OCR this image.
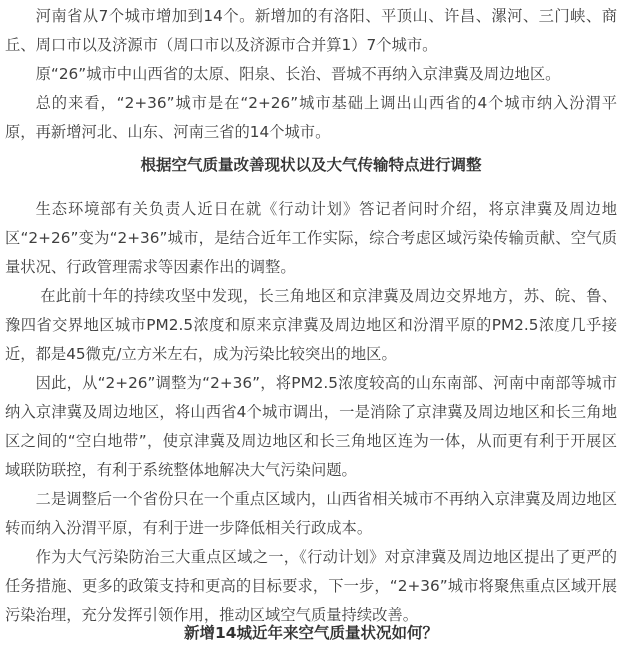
河南省从7个城市增加到14个。新增加的有洛阳、平顶山、许昌、漯河、三门峡、商丘、周口市以及济源市（周口市以及济源市合并算1）7个城市。

原“26”城市中山西省的太原、阳泉、长治、晋城不再纳入京津冀及周边地区。

总的来看，“2+36”城市是在“2+26”城市基础上调出山西省的4个城市纳入汾渭平原，再新增河北、山东、河南三省的14个城市。

根据空气质量改善现状以及大气传输特点进行调整

生态环境部有关负责人近日在就《行动计划》答记者问时介绍，将京津冀及周边地区“2+26”变为“2+36”城市，是结合近年工作实际，综合考虑区域污染传输贡献、空气质量状况、行政管理需求等因素作出的调整。

在此前十年的持续攻坚中发现，长三角地区和京津冀及周边交界地方，苏、皖、鲁、豫四省交界地区城市PM2.5浓度和原来京津冀及周边地区和汾渭平原的PM2.5浓度几乎接近，都是45微克/立方米左右，成为污染比较突出的地区。

因此，从“2+26”调整为“2+36”，将PM2.5浓度较高的山东南部、河南中南部等城市纳入京津冀及周边地区，将山西省4个城市调出，一是消除了京津冀及周边地区和长三角地区之间的“空白地带”，使京津冀及周边地区和长三角地区连为一体，从而更有利于开展区域联防联控，有利于系统整体地解决大气污染问题。

二是调整后一个省份只在一个重点区域内，山西省相关城市不再纳入京津冀及周边地区转而纳入汾渭平原，有利于进一步降低相关行政成本。

作为大气污染防治三大重点区域之一，《行动计划》对京津冀及周边地区提出了更严的任务措施、更多的政策支持和更高的目标要求，下一步，“2+36”城市将聚焦重点区域开展污染治理，充分发挥引领作用，推动区域空气质量持续改善。

新增14城近年来空气质量状况如何？
